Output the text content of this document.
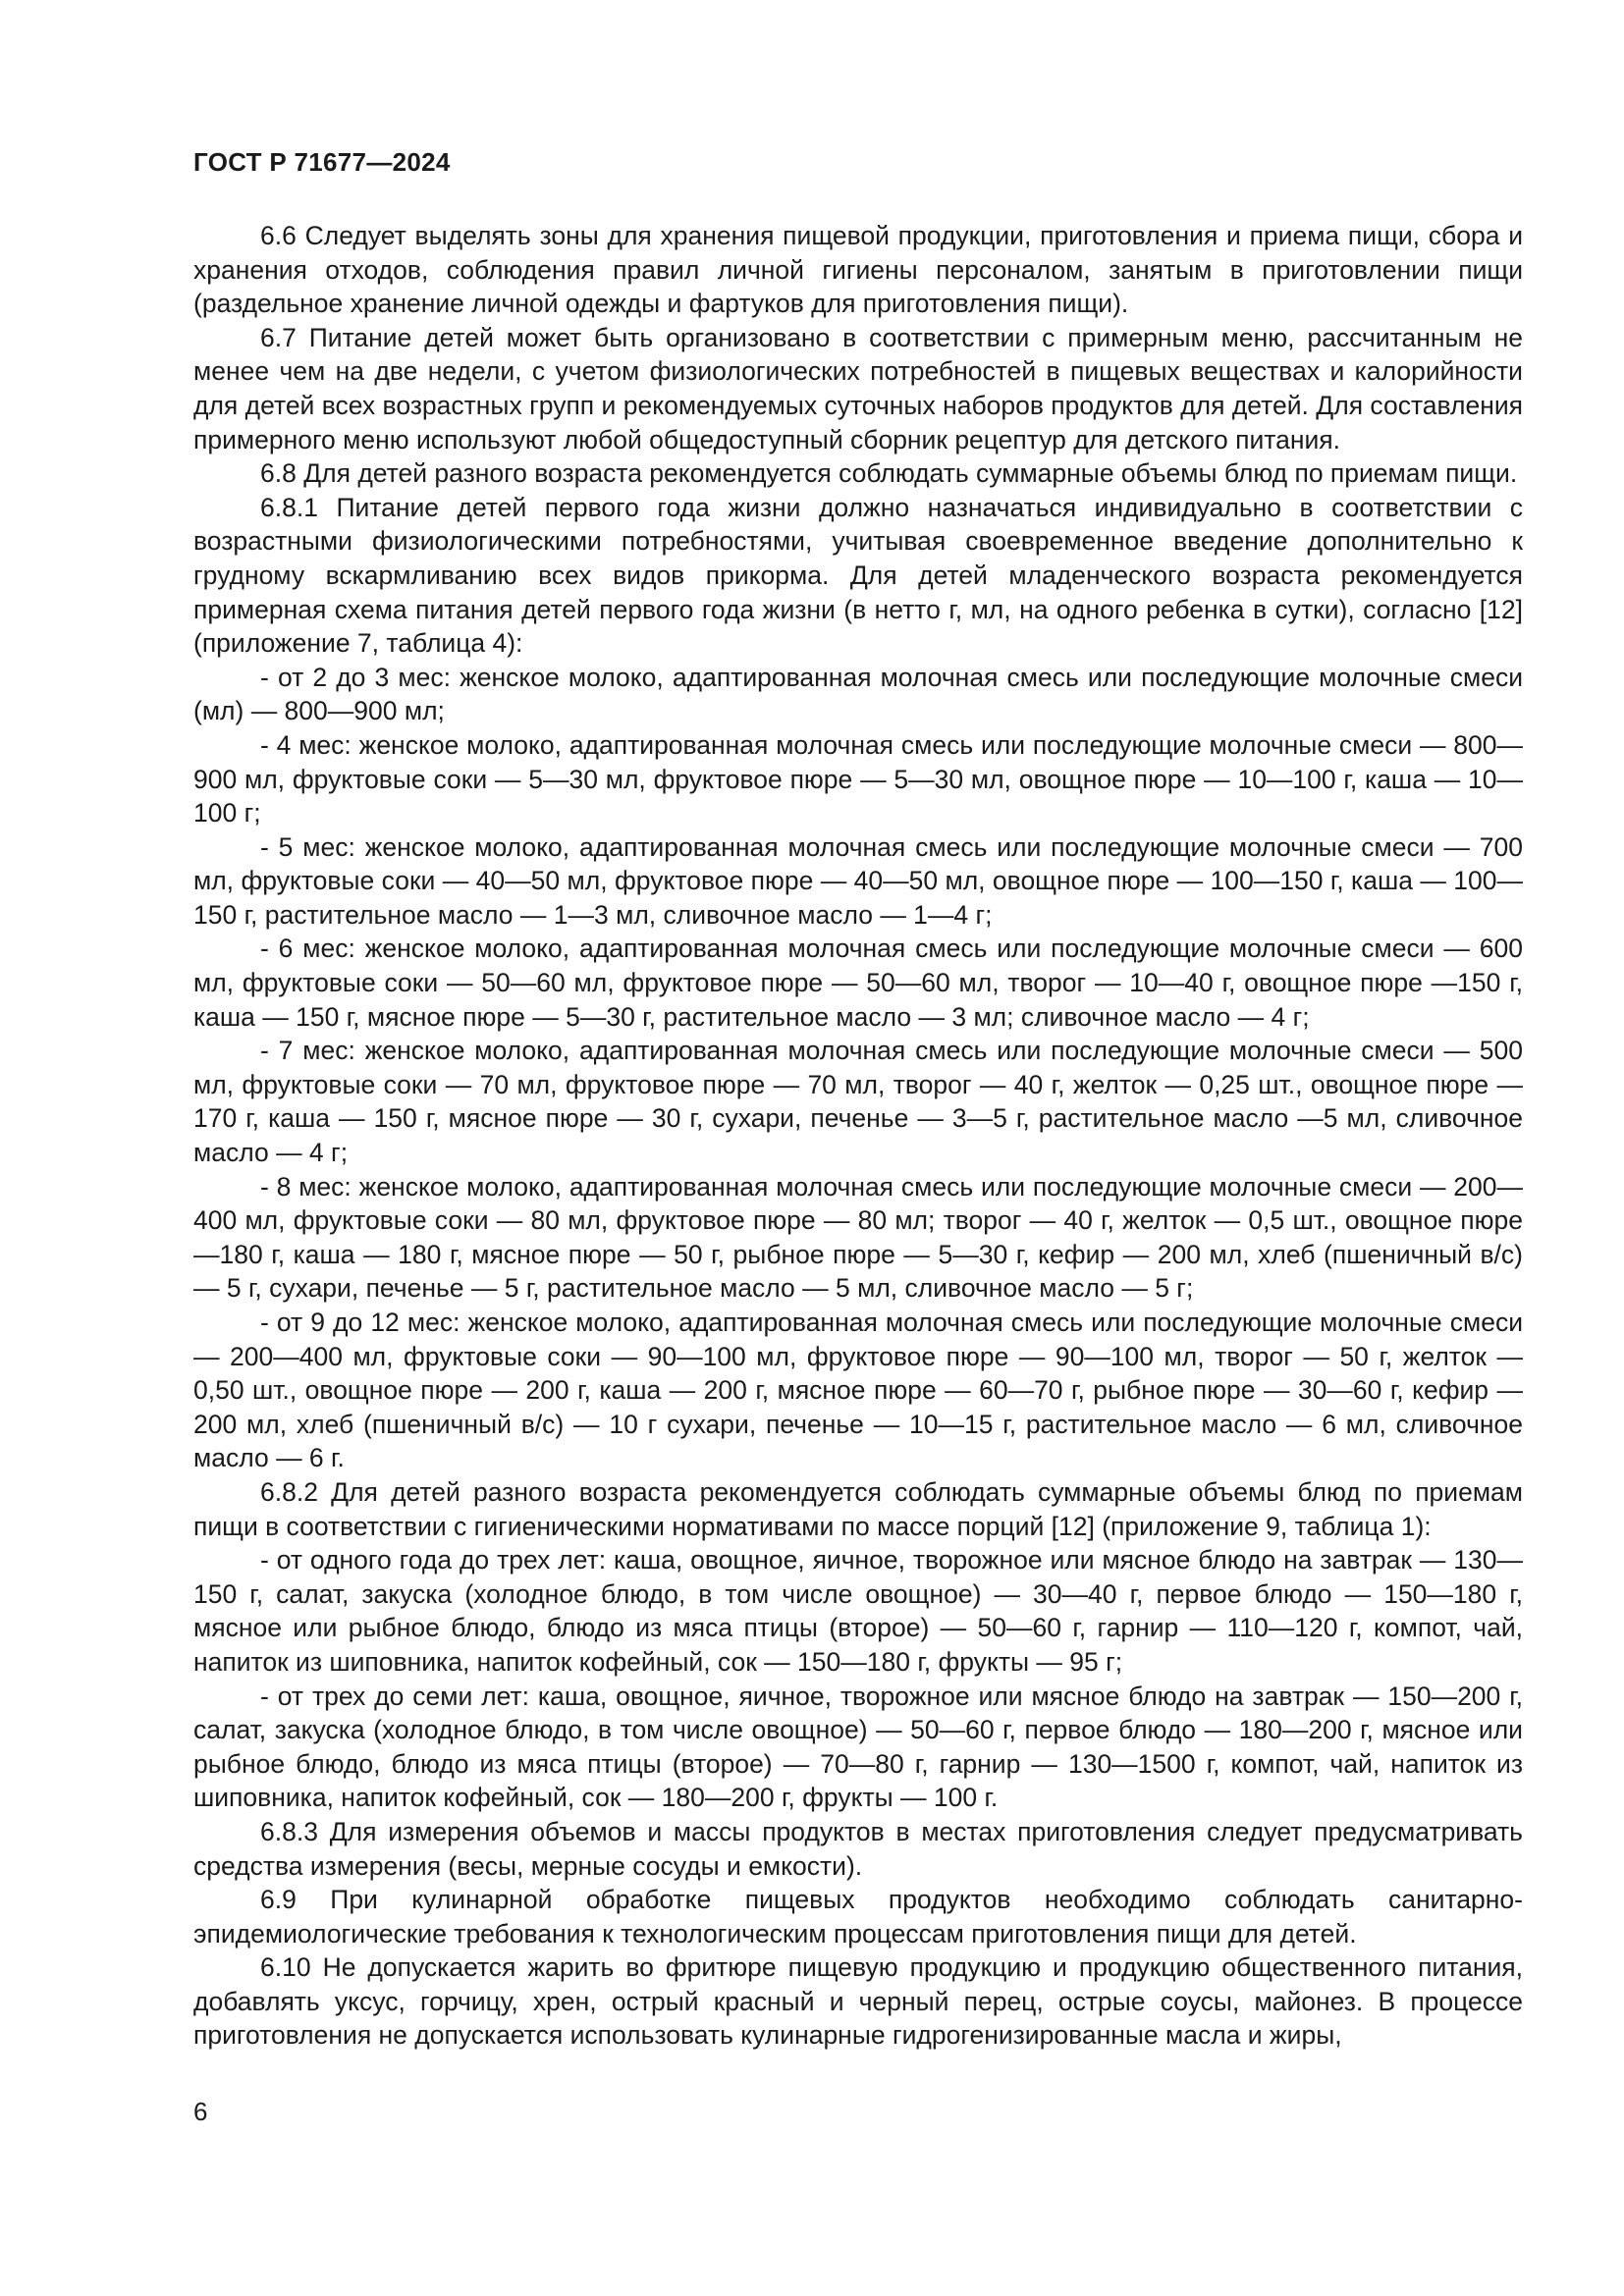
ГОСТ Р 71677—2024

6.6 Следует выделять зоны для хранения пищевой продукции, приготовления и приема пищи, сбора и хранения отходов, соблюдения правил личной гигиены персоналом, занятым в приготовлении пищи (раздельное хранение личной одежды и фартуков для приготовления пищи).

6.7 Питание детей может быть организовано в соответствии с примерным меню, рассчитанным не менее чем на две недели, с учетом физиологических потребностей в пищевых веществах и калорийности для детей всех возрастных групп и рекомендуемых суточных наборов продуктов для детей. Для составления примерного меню используют любой общедоступный сборник рецептур для детского питания.

6.8 Для детей разного возраста рекомендуется соблюдать суммарные объемы блюд по приемам пищи.

6.8.1 Питание детей первого года жизни должно назначаться индивидуально в соответствии с возрастными физиологическими потребностями, учитывая своевременное введение дополнительно к грудному вскармливанию всех видов прикорма. Для детей младенческого возраста рекомендуется примерная схема питания детей первого года жизни (в нетто г, мл, на одного ребенка в сутки), согласно [12] (приложение 7, таблица 4):

- от 2 до 3 мес: женское молоко, адаптированная молочная смесь или последующие молочные смеси (мл) — 800—900 мл;

- 4 мес: женское молоко, адаптированная молочная смесь или последующие молочные смеси — 800—900 мл, фруктовые соки — 5—30 мл, фруктовое пюре — 5—30 мл, овощное пюре — 10—100 г, каша — 10—100 г;

- 5 мес: женское молоко, адаптированная молочная смесь или последующие молочные смеси — 700 мл, фруктовые соки — 40—50 мл, фруктовое пюре — 40—50 мл, овощное пюре — 100—150 г, каша — 100—150 г, растительное масло — 1—3 мл, сливочное масло — 1—4 г;

- 6 мес: женское молоко, адаптированная молочная смесь или последующие молочные смеси — 600 мл, фруктовые соки — 50—60 мл, фруктовое пюре — 50—60 мл, творог — 10—40 г, овощное пюре —150 г, каша — 150 г, мясное пюре — 5—30 г, растительное масло — 3 мл; сливочное масло — 4 г;

- 7 мес: женское молоко, адаптированная молочная смесь или последующие молочные смеси — 500 мл, фруктовые соки — 70 мл, фруктовое пюре — 70 мл, творог — 40 г, желток — 0,25 шт., овощное пюре —170 г, каша — 150 г, мясное пюре — 30 г, сухари, печенье — 3—5 г, растительное масло —5 мл, сливочное масло — 4 г;

- 8 мес: женское молоко, адаптированная молочная смесь или последующие молочные смеси — 200—400 мл, фруктовые соки — 80 мл, фруктовое пюре — 80 мл; творог — 40 г, желток — 0,5 шт., овощное пюре —180 г, каша — 180 г, мясное пюре — 50 г, рыбное пюре — 5—30 г, кефир — 200 мл, хлеб (пшеничный в/с) — 5 г, сухари, печенье — 5 г, растительное масло — 5 мл, сливочное масло — 5 г;

- от 9 до 12 мес: женское молоко, адаптированная молочная смесь или последующие молочные смеси — 200—400 мл, фруктовые соки — 90—100 мл, фруктовое пюре — 90—100 мл, творог — 50 г, желток — 0,50 шт., овощное пюре — 200 г, каша — 200 г, мясное пюре — 60—70 г, рыбное пюре — 30—60 г, кефир — 200 мл, хлеб (пшеничный в/с) — 10 г сухари, печенье — 10—15 г, растительное масло — 6 мл, сливочное масло — 6 г.

6.8.2 Для детей разного возраста рекомендуется соблюдать суммарные объемы блюд по приемам пищи в соответствии с гигиеническими нормативами по массе порций [12] (приложение 9, таблица 1):

- от одного года до трех лет: каша, овощное, яичное, творожное или мясное блюдо на завтрак — 130—150 г, салат, закуска (холодное блюдо, в том числе овощное) — 30—40 г, первое блюдо — 150—180 г, мясное или рыбное блюдо, блюдо из мяса птицы (второе) — 50—60 г, гарнир — 110—120 г, компот, чай, напиток из шиповника, напиток кофейный, сок — 150—180 г, фрукты — 95 г;

- от трех до семи лет: каша, овощное, яичное, творожное или мясное блюдо на завтрак — 150—200 г, салат, закуска (холодное блюдо, в том числе овощное) — 50—60 г, первое блюдо — 180—200 г, мясное или рыбное блюдо, блюдо из мяса птицы (второе) — 70—80 г, гарнир — 130—1500 г, компот, чай, напиток из шиповника, напиток кофейный, сок — 180—200 г, фрукты — 100 г.

6.8.3 Для измерения объемов и массы продуктов в местах приготовления следует предусматривать средства измерения (весы, мерные сосуды и емкости).

6.9 При кулинарной обработке пищевых продуктов необходимо соблюдать санитарно-эпидемиологические требования к технологическим процессам приготовления пищи для детей.

6.10 Не допускается жарить во фритюре пищевую продукцию и продукцию общественного питания, добавлять уксус, горчицу, хрен, острый красный и черный перец, острые соусы, майонез. В процессе приготовления не допускается использовать кулинарные гидрогенизированные масла и жиры,

6
